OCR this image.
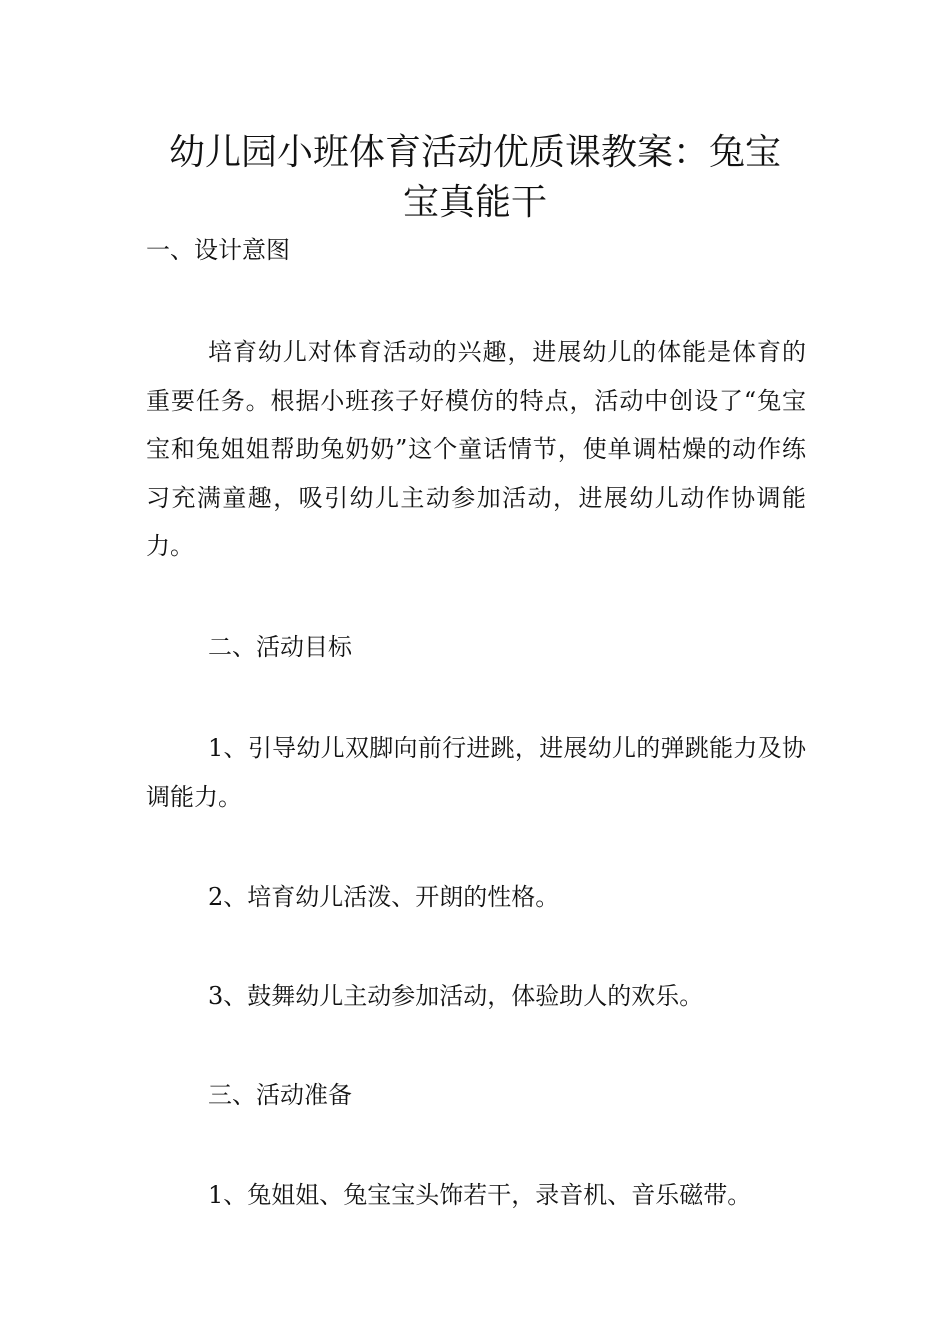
幼儿园小班体育活动优质课教案：兔宝
宝真能干

一、设计意图

培育幼儿对体育活动的兴趣，进展幼儿的体能是体育的重要任务。根据小班孩子好模仿的特点，活动中创设了“兔宝宝和兔姐姐帮助兔奶奶”这个童话情节，使单调枯燥的动作练习充满童趣，吸引幼儿主动参加活动，进展幼儿动作协调能力。

二、活动目标

1、引导幼儿双脚向前行进跳，进展幼儿的弹跳能力及协调能力。

2、培育幼儿活泼、开朗的性格。

3、鼓舞幼儿主动参加活动，体验助人的欢乐。

三、活动准备

1、兔姐姐、兔宝宝头饰若干，录音机、音乐磁带。
